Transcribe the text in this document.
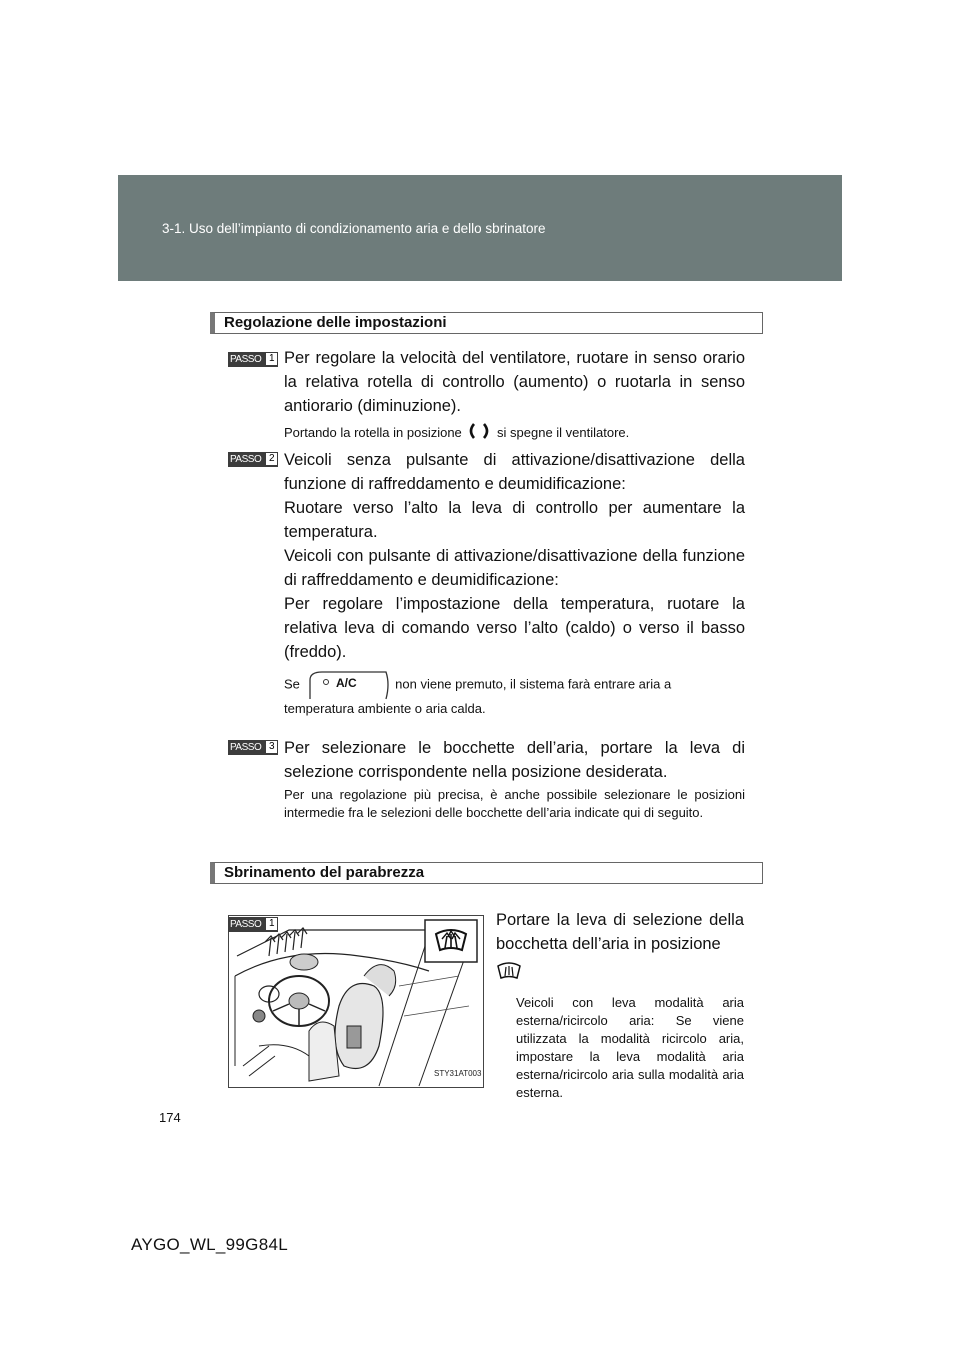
3-1. Uso dell’impianto di condizionamento aria e dello sbrinatore
Regolazione delle impostazioni
PASSO 1 Per regolare la velocità del ventilatore, ruotare in senso orario la relativa rotella di controllo (aumento) o ruotarla in senso antiorario (diminuzione).

Portando la rotella in posizione	si spegne il ventilatore.

PASSO 2 Veicoli senza pulsante di attivazione/disattivazione della funzione di raffreddamento e deumidificazione:

Ruotare verso l’alto la leva di controllo per aumentare la temperatura.

Veicoli con pulsante di attivazione/disattivazione della funzione di raffreddamento e deumidificazione:

Per regolare l’impostazione della temperatura, ruotare la relativa leva di comando verso l’alto (caldo) o verso il basso (freddo).

Se	A/C	non viene premuto, il sistema farà entrare aria a
temperatura ambiente o aria calda.

PASSO 3 Per selezionare le bocchette dell’aria, portare la leva di selezione corrispondente nella posizione desiderata.

Per una regolazione più precisa, è anche possibile selezionare le posizioni intermedie fra le selezioni delle bocchette dell’aria indicate qui di seguito.

Sbrinamento del parabrezza
STY31AT003
PASSO 1	Portare la leva di selezione della bocchetta dell’aria in posizione

Veicoli con leva modalità aria esterna/ricircolo aria: Se viene utilizzata la modalità ricircolo aria, impostare la leva modalità aria esterna/ricircolo aria sulla modalità aria esterna.

174
AYGO_WL_99G84L
